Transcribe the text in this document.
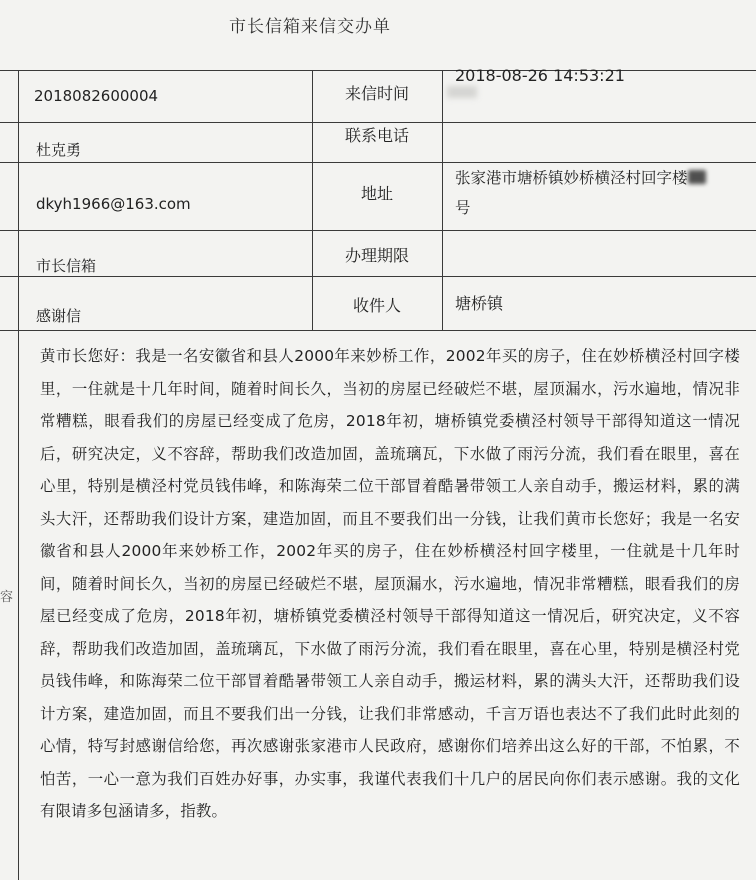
市长信箱来信交办单
2018082600004	来信时间
2018-08-26 14:53:21
杜克勇
联系电话
dkyh1966@163.com
地址
张家港市塘桥镇妙桥横泾村回字楼
号
市长信箱
办理期限
感谢信
收件人	塘桥镇
容
黄市长您好：我是一名安徽省和县人2000年来妙桥工作，2002年买的房子，住在妙桥横泾村回字楼里，一住就是十几年时间，随着时间长久，当初的房屋已经破烂不堪，屋顶漏水，污水遍地，情况非常糟糕，眼看我们的房屋已经变成了危房，2018年初，塘桥镇党委横泾村领导干部得知道这一情况后，研究决定，义不容辞，帮助我们改造加固，盖琉璃瓦，下水做了雨污分流，我们看在眼里，喜在心里，特别是横泾村党员钱伟峰，和陈海荣二位干部冒着酷暑带领工人亲自动手，搬运材料，累的满头大汗，还帮助我们设计方案，建造加固，而且不要我们出一分钱，让我们黄市长您好；我是一名安徽省和县人2000年来妙桥工作，2002年买的房子，住在妙桥横泾村回字楼里，一住就是十几年时间，随着时间长久，当初的房屋已经破烂不堪，屋顶漏水，污水遍地，情况非常糟糕，眼看我们的房屋已经变成了危房，2018年初，塘桥镇党委横泾村领导干部得知道这一情况后，研究决定，义不容辞，帮助我们改造加固，盖琉璃瓦，下水做了雨污分流，我们看在眼里，喜在心里，特别是横泾村党员钱伟峰，和陈海荣二位干部冒着酷暑带领工人亲自动手，搬运材料，累的满头大汗，还帮助我们设计方案，建造加固，而且不要我们出一分钱，让我们非常感动，千言万语也表达不了我们此时此刻的心情，特写封感谢信给您，再次感谢张家港市人民政府，感谢你们培养出这么好的干部，不怕累，不怕苦，一心一意为我们百姓办好事，办实事，我谨代表我们十几户的居民向你们表示感谢。我的文化有限请多包涵请多，指教。
